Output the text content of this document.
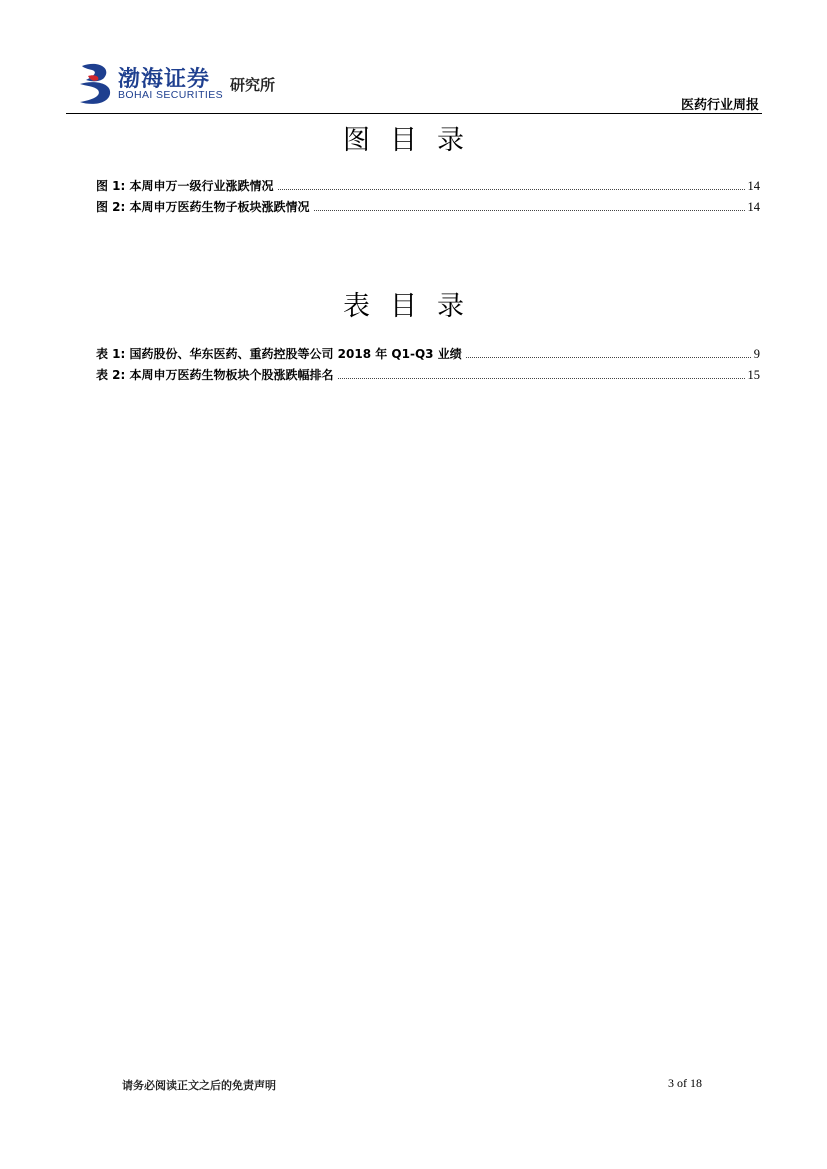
渤海证券
BOHAI SECURITIES
研究所
医药行业周报
图目录
图 1: 本周申万一级行业涨跌情况	14
图 2: 本周申万医药生物子板块涨跌情况	14
表目录
表 1: 国药股份、华东医药、重药控股等公司 2018 年 Q1-Q3 业绩	9
表 2: 本周申万医药生物板块个股涨跌幅排名	15
请务必阅读正文之后的免责声明	3 of 18
